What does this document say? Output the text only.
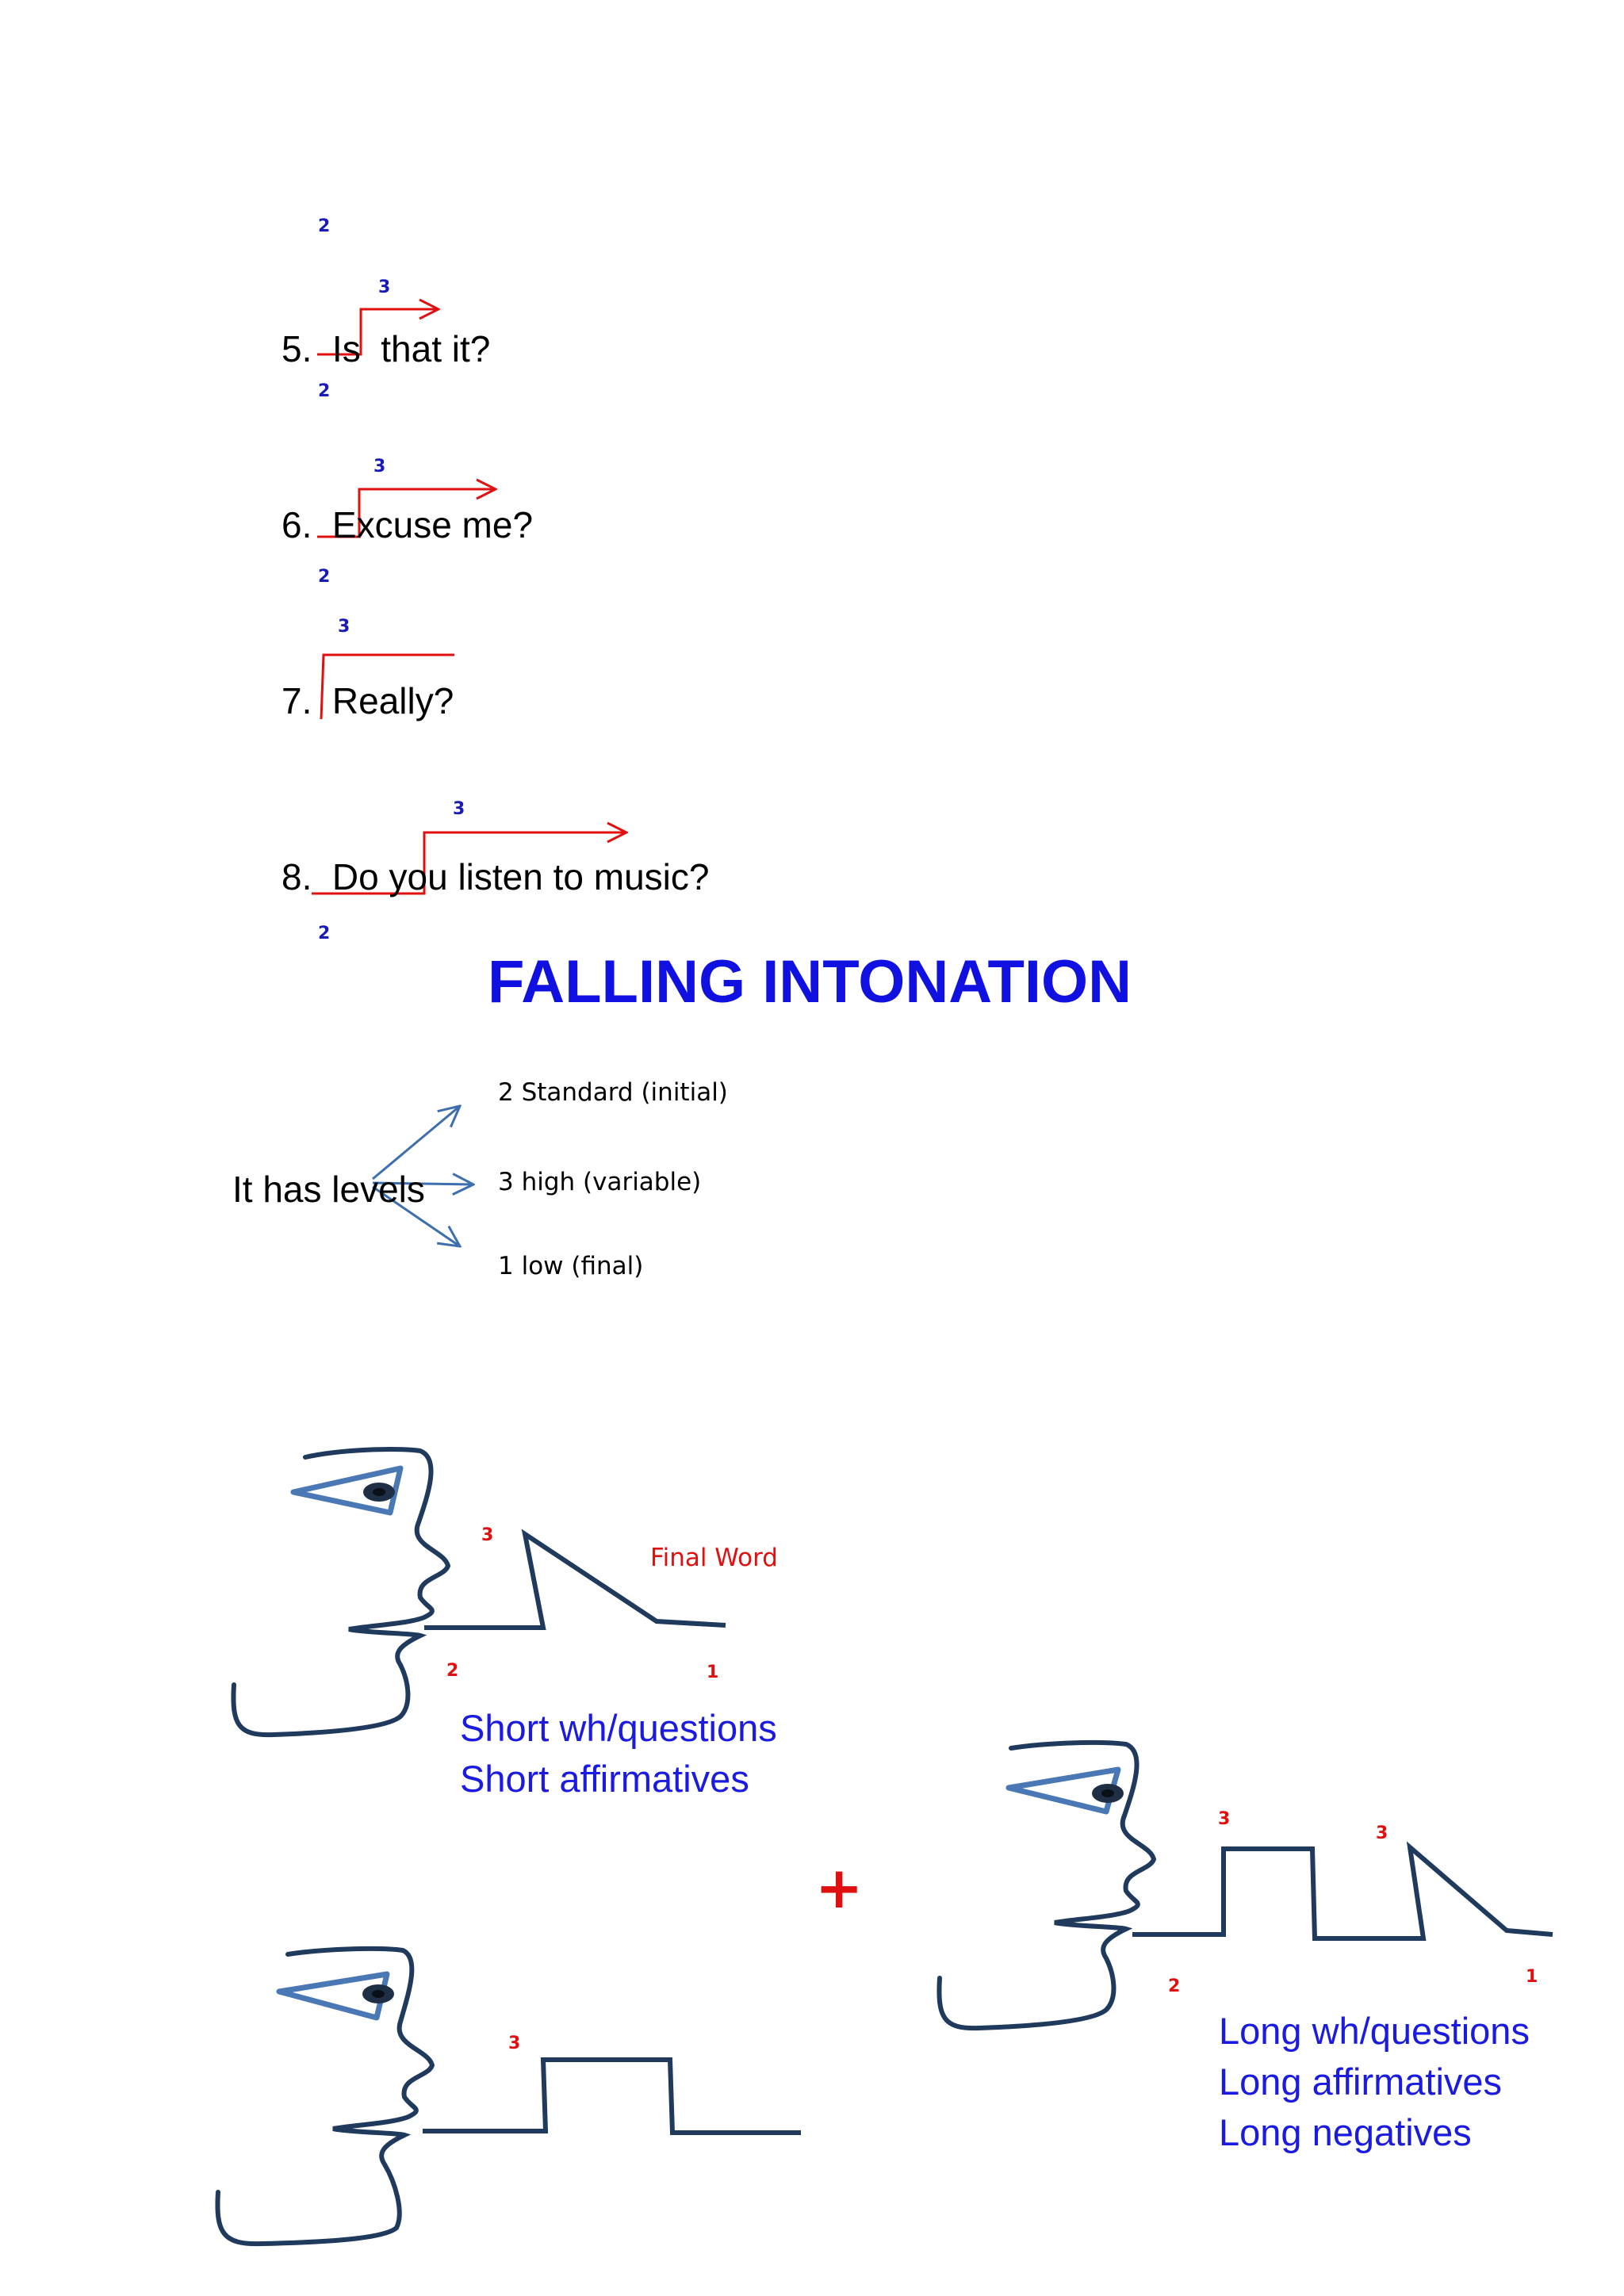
2
3
5.  Is  that it?
2
3
6.  Excuse me?
2
3
7.  Really?
3
8.  Do you listen to music?
2
FALLING INTONATION
It has levels
2 Standard (initial)
3 high (variable)
1 low (final)
3
Final Word
2	1
Short wh/questions
Short affirmatives
+
3
3
2	1
Long wh/questions
Long affirmatives
Long negatives
3
